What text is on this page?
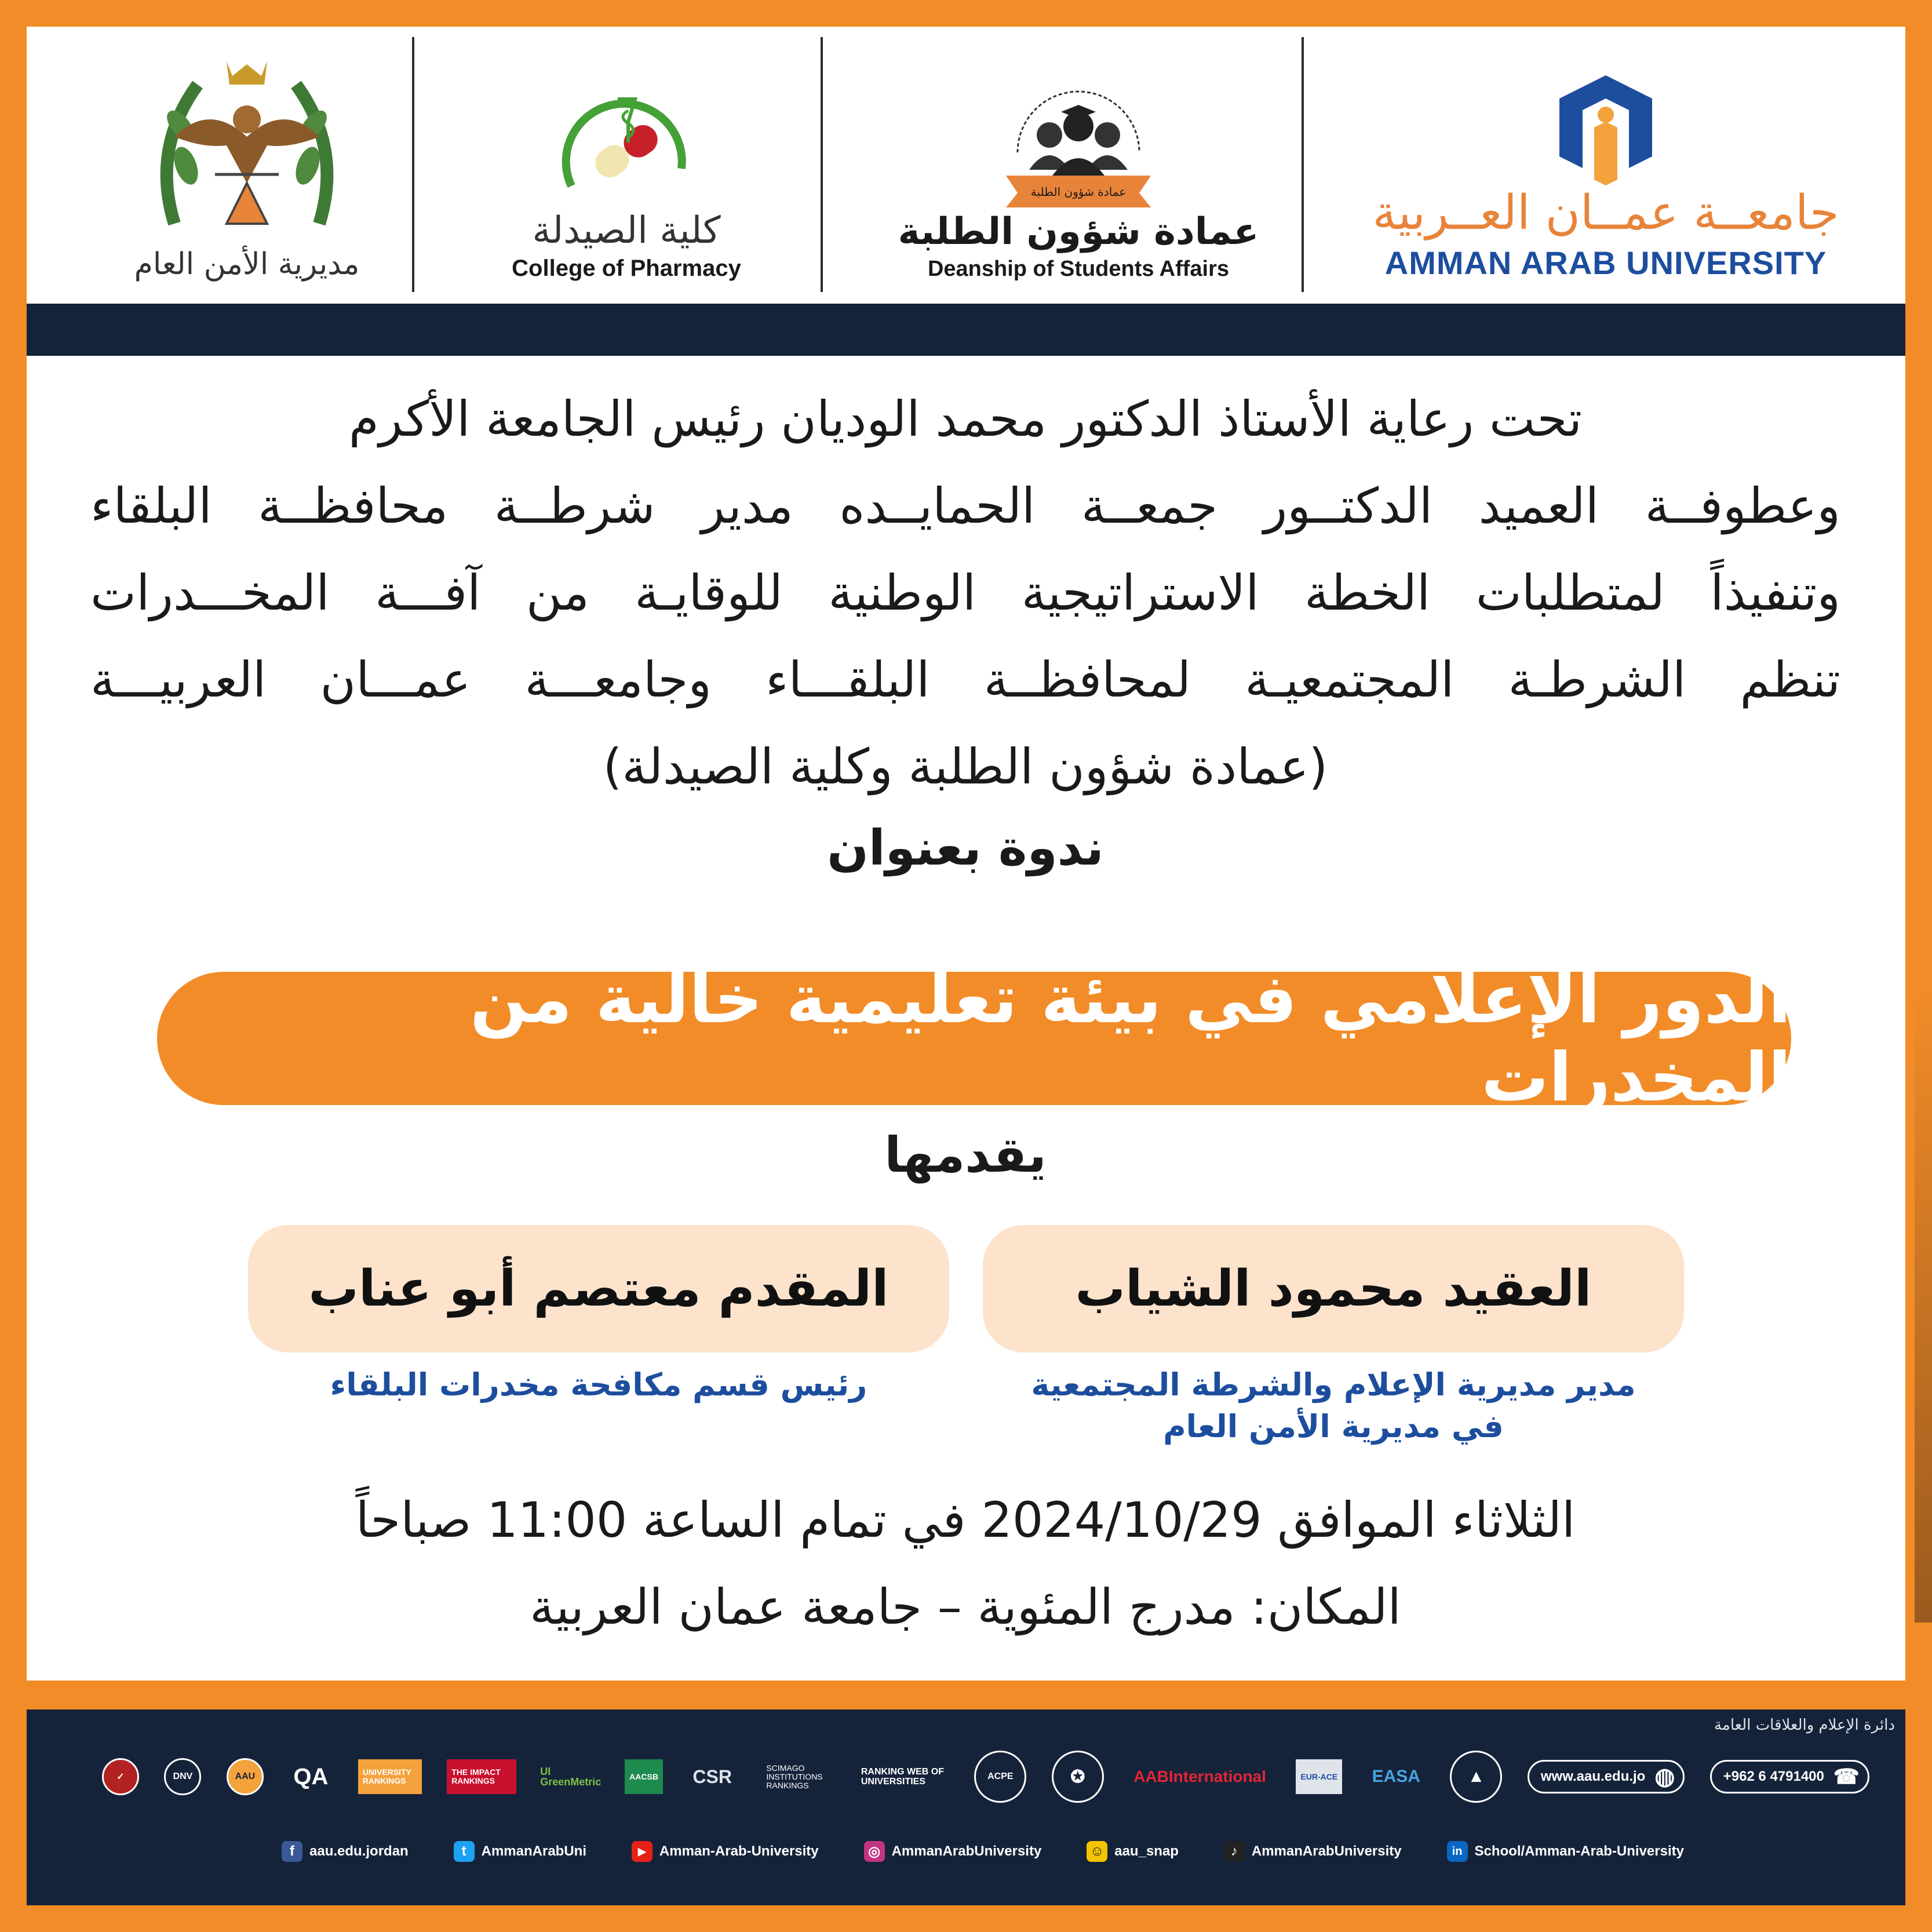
مديرية الأمن العام
كلية الصيدلة
College of Pharmacy
عمادة شؤون الطلبة
عمادة شؤون الطلبة
Deanship of Students Affairs
جامعــة عمــان العــربية
AMMAN ARAB UNIVERSITY
تحت رعاية الأستاذ الدكتور محمد الوديان رئيس الجامعة الأكرم
وعطوفــة العميد الدكتــور جمعــة الحمايــده مدير شرطــة محافظــة البلقاء
وتنفيذاً لمتطلبات الخطة الاستراتيجية الوطنية للوقايـة من آفـــة المخـــدرات
تنظم الشرطـة المجتمعيـة لمحافظــة البلقـــاء وجامعـــة عمـــان العربيـــة
(عمادة شؤون الطلبة وكلية الصيدلة)
ندوة بعنوان
الدور الإعلامي في بيئة تعليمية خالية من المخدرات
يقدمها
العقيد محمود الشياب
المقدم معتصم أبو عناب
مدير مديرية الإعلام والشرطة المجتمعية
في مديرية الأمن العام
رئيس قسم مكافحة مخدرات البلقاء
الثلاثاء الموافق 2024/10/29 في تمام الساعة 11:00 صباحاً
المكان: مدرج المئوية – جامعة عمان العربية
دائرة الإعلام والعلاقات العامة
✓	DNV	AAU	QA	UNIVERSITY RANKINGS
THE IMPACT RANKINGS
UI GreenMetric	AACSB CSR	SCIMAGO INSTITUTIONS RANKINGS
RANKING WEB OF UNIVERSITIES
ACPE	✪	AABInternational	EUR-ACE EASA	▲	www.aau.edu.jo ◍	+962 6 4791400 ☎
f	aau.edu.jordan	t	AmmanArabUni	▶ Amman-Arab-University	◎ AmmanArabUniversity	☺ aau_snap	♪	AmmanArabUniversity	in School/Amman-Arab-University
